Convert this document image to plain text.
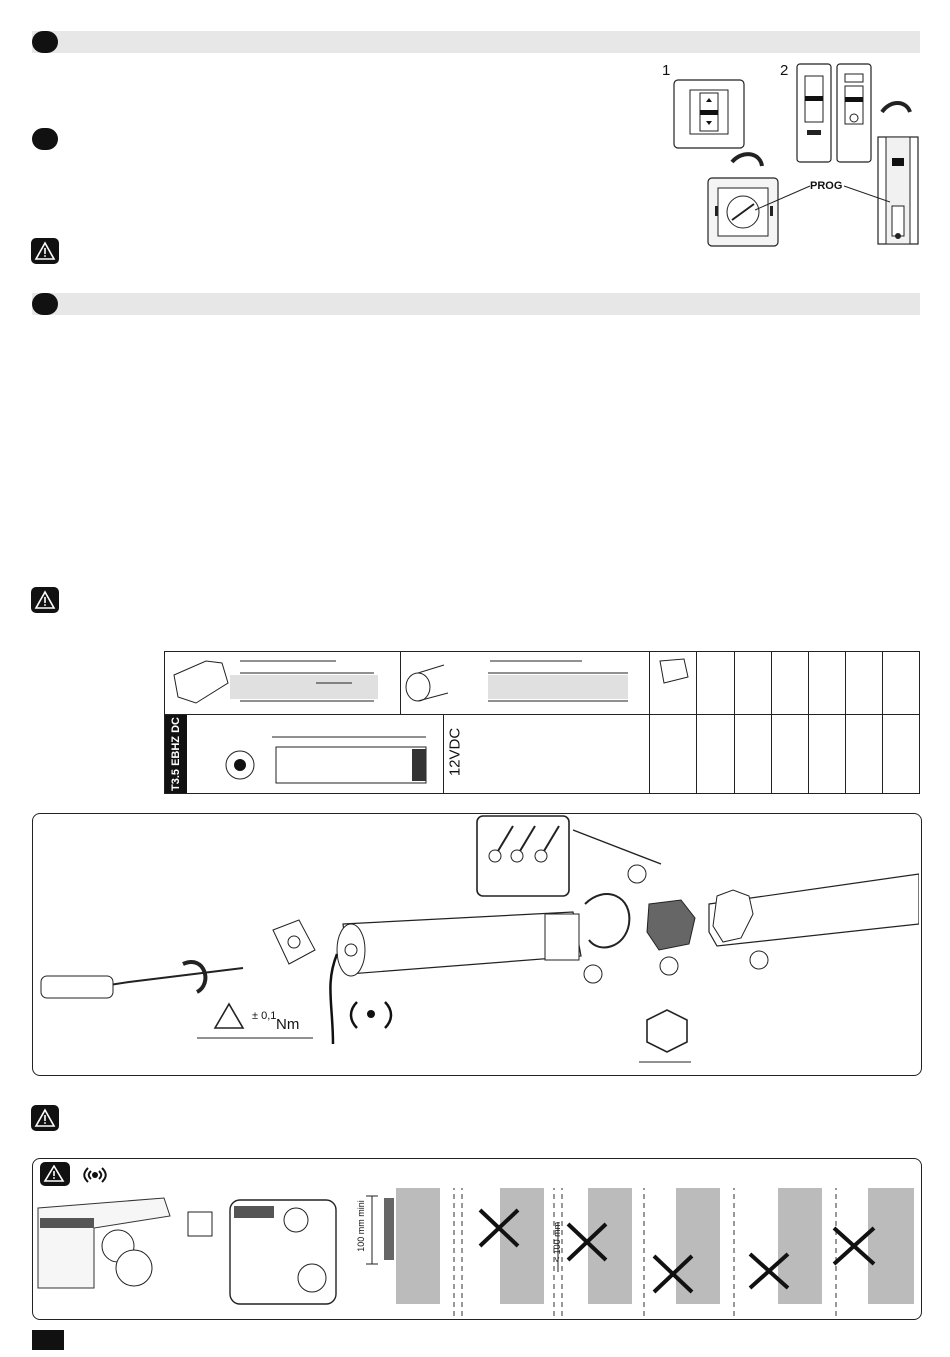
1	2
PROG
T3.5 EBHZ DC	12VDC
± 0,1 Nm
100 mm mini	< 100 mm
